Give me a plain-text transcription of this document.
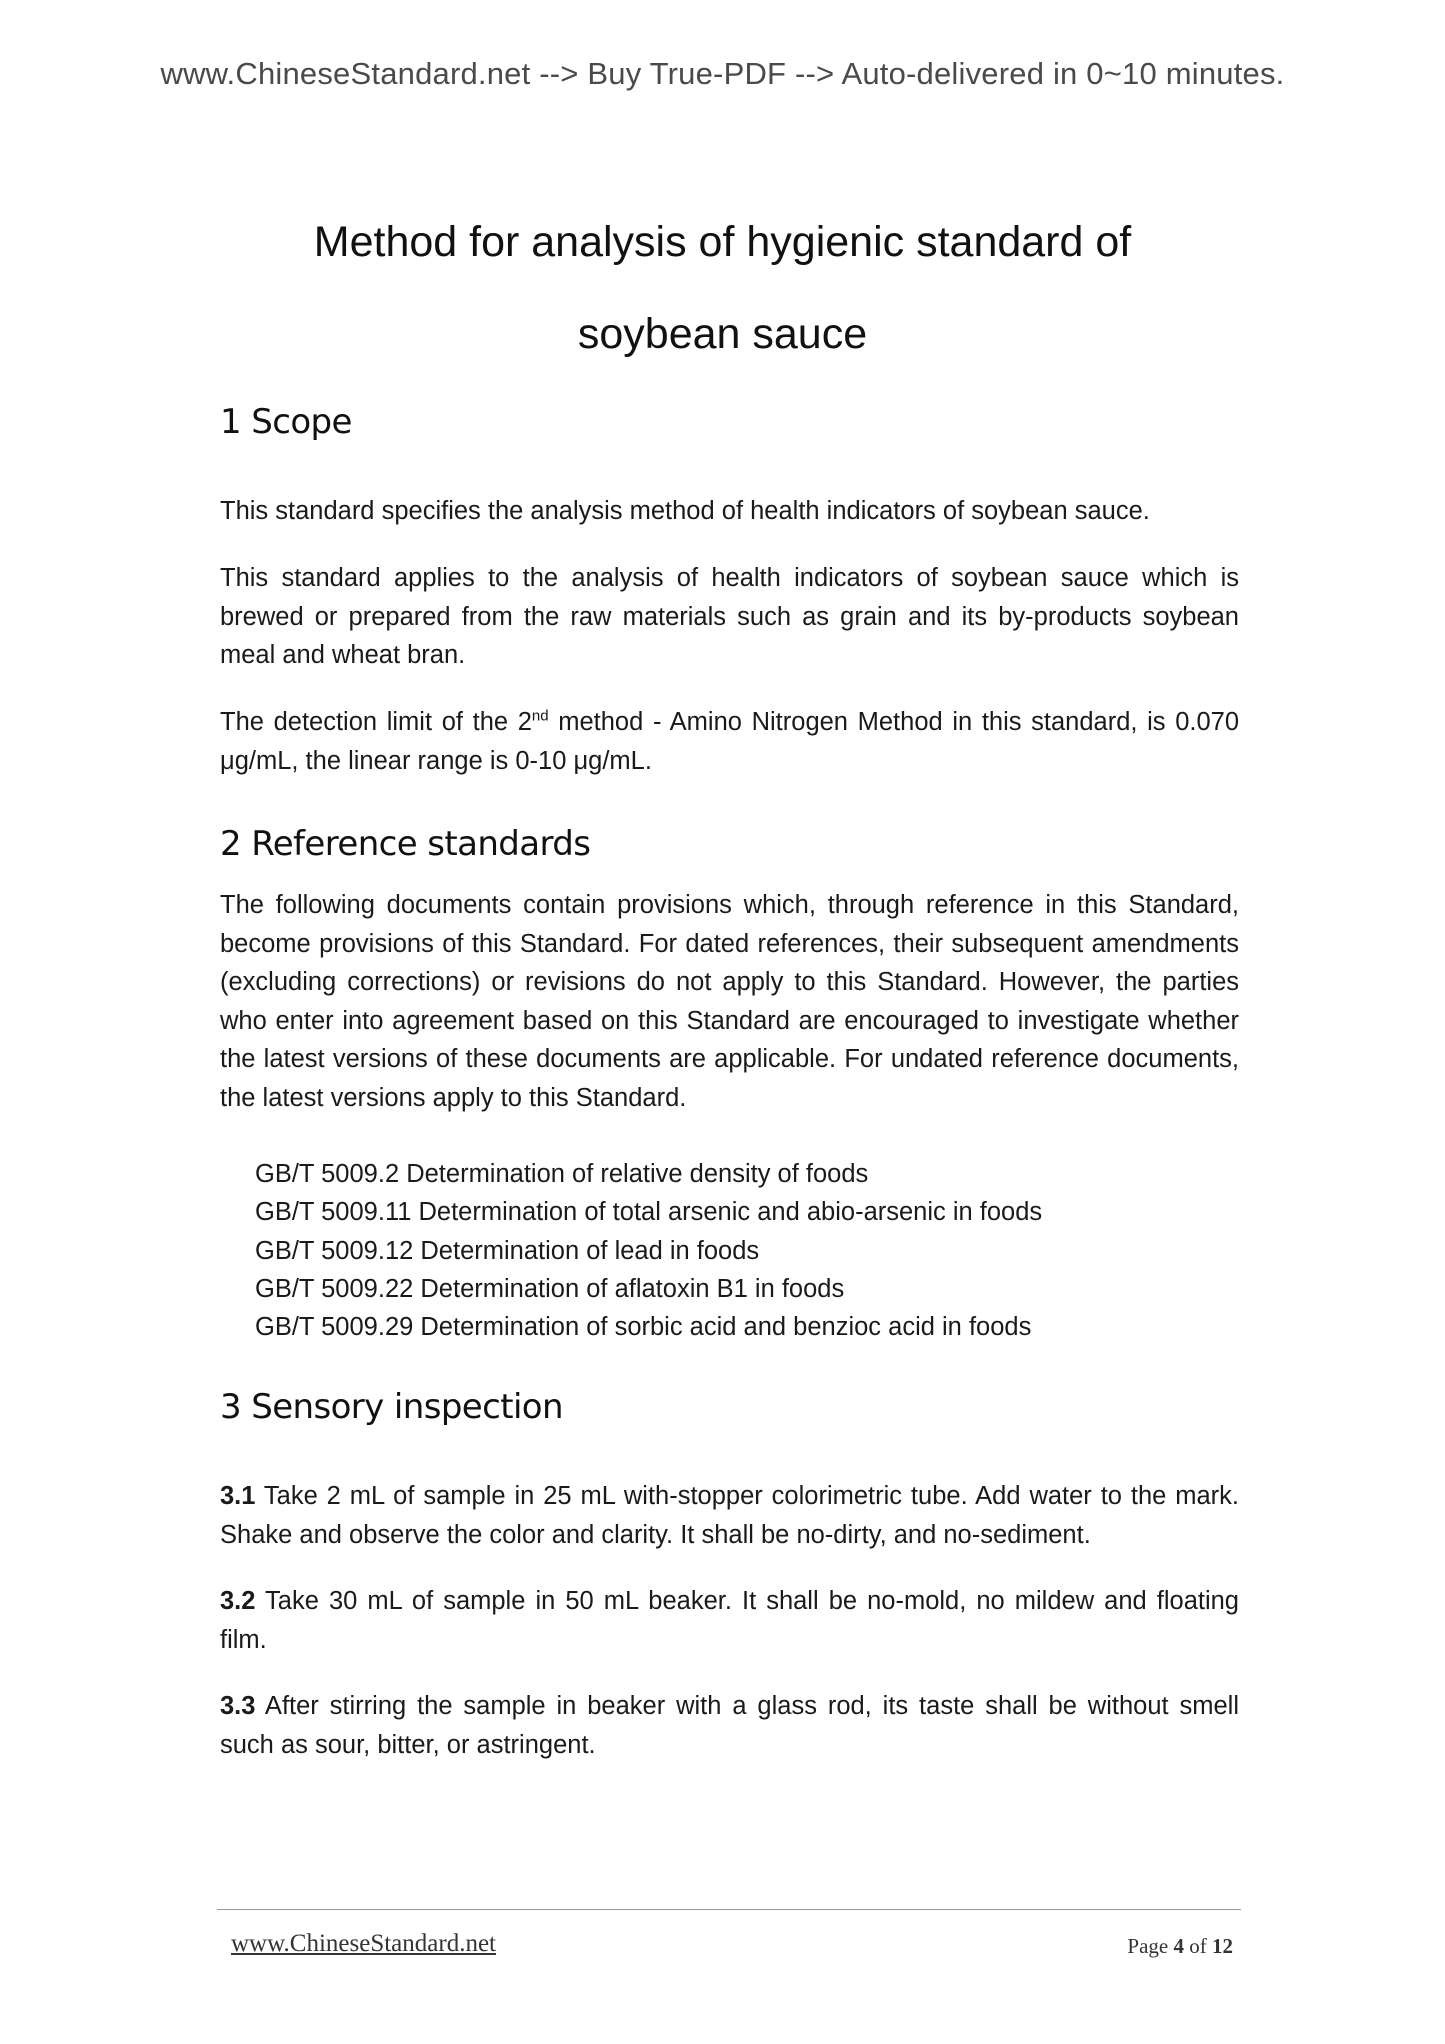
www.ChineseStandard.net --> Buy True-PDF --> Auto-delivered in 0~10 minutes.
Method for analysis of hygienic standard of
soybean sauce
1 Scope

This standard specifies the analysis method of health indicators of soybean sauce.

This standard applies to the analysis of health indicators of soybean sauce which is brewed or prepared from the raw materials such as grain and its by-products soybean meal and wheat bran.

The detection limit of the 2nd method - Amino Nitrogen Method in this standard, is 0.070 μg/mL, the linear range is 0-10 μg/mL.

2 Reference standards

The following documents contain provisions which, through reference in this Standard, become provisions of this Standard. For dated references, their subsequent amendments (excluding corrections) or revisions do not apply to this Standard. However, the parties who enter into agreement based on this Standard are encouraged to investigate whether the latest versions of these documents are applicable. For undated reference documents, the latest versions apply to this Standard.

GB/T 5009.2 Determination of relative density of foods
GB/T 5009.11 Determination of total arsenic and abio-arsenic in foods
GB/T 5009.12 Determination of lead in foods
GB/T 5009.22 Determination of aflatoxin B1 in foods
GB/T 5009.29 Determination of sorbic acid and benzioc acid in foods
3 Sensory inspection

3.1 Take 2 mL of sample in 25 mL with-stopper colorimetric tube. Add water to the mark. Shake and observe the color and clarity. It shall be no-dirty, and no-sediment.

3.2 Take 30 mL of sample in 50 mL beaker. It shall be no-mold, no mildew and floating film.

3.3 After stirring the sample in beaker with a glass rod, its taste shall be without smell such as sour, bitter, or astringent.

www.ChineseStandard.net	Page 4 of 12
